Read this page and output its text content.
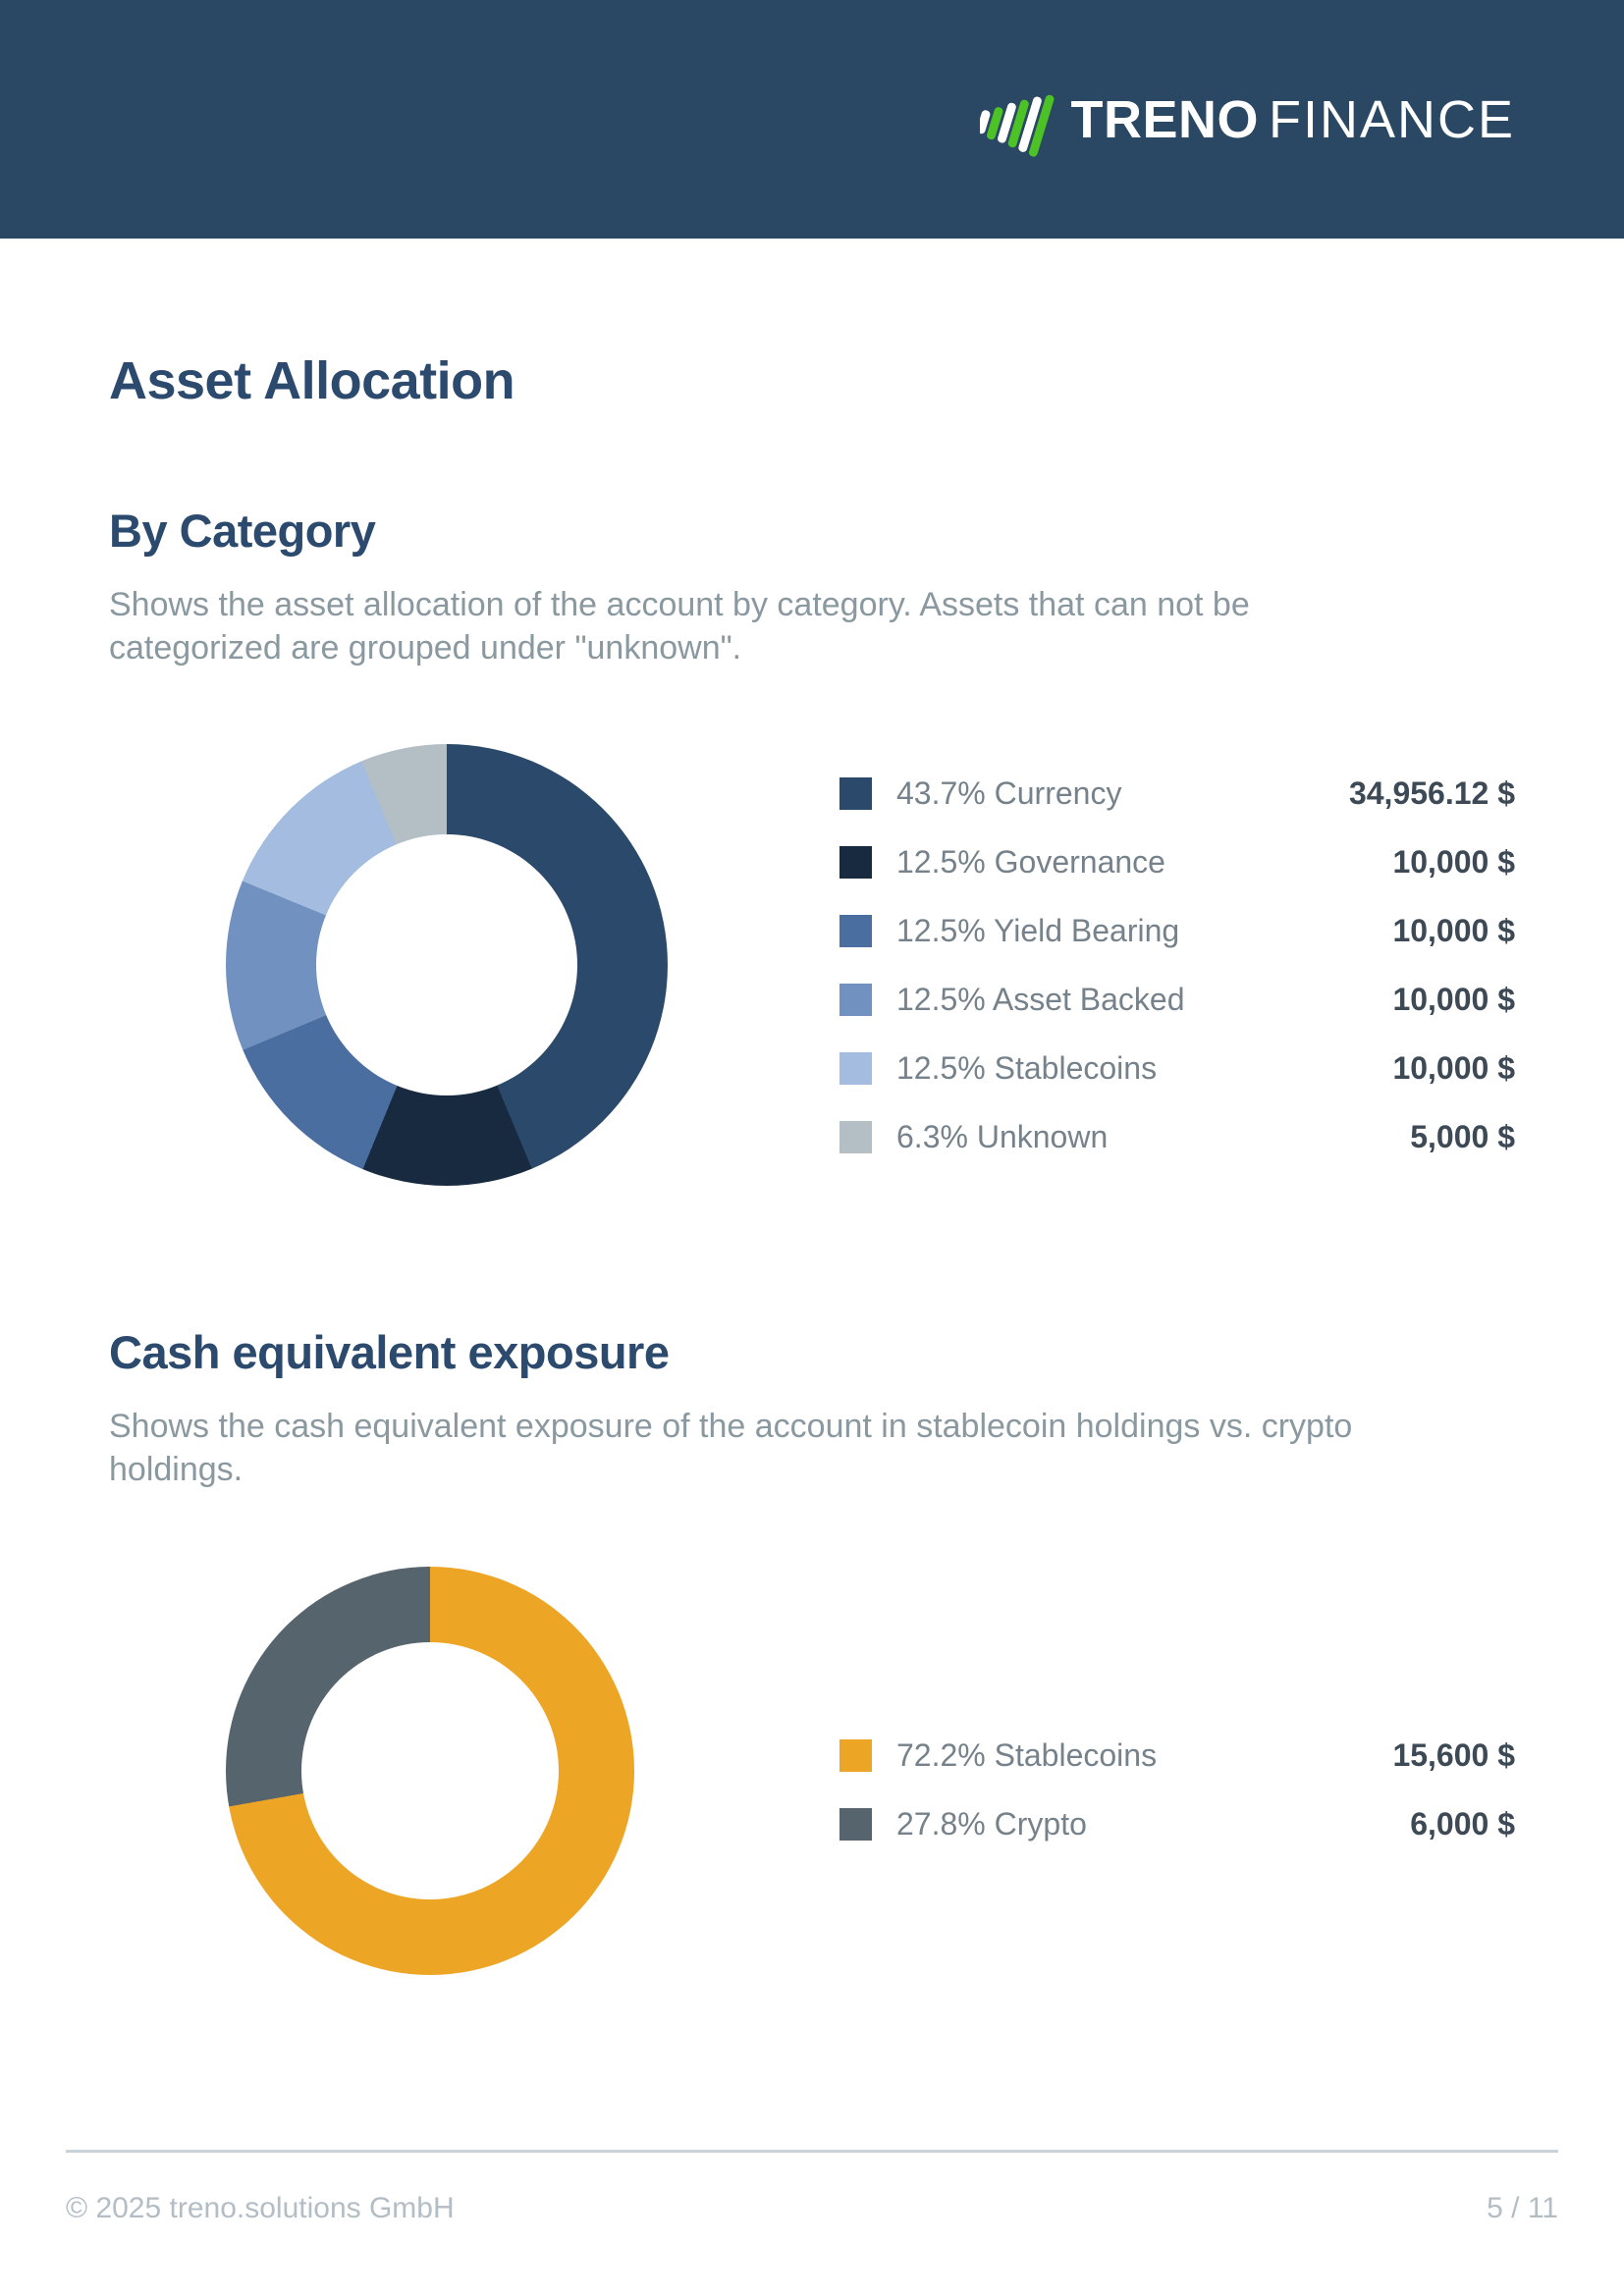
TRENO FINANCE
Asset Allocation
By Category

Shows the asset allocation of the account by category. Assets that can not be categorized are grouped under "unknown".

43.7% Currency	34,956.12 $
12.5% Governance	10,000 $
12.5% Yield Bearing	10,000 $
12.5% Asset Backed	10,000 $
12.5% Stablecoins	10,000 $
6.3% Unknown	5,000 $
Cash equivalent exposure

Shows the cash equivalent exposure of the account in stablecoin holdings vs. crypto holdings.

72.2% Stablecoins	15,600 $
27.8% Crypto	6,000 $
© 2025 treno.solutions GmbH	5 / 11
